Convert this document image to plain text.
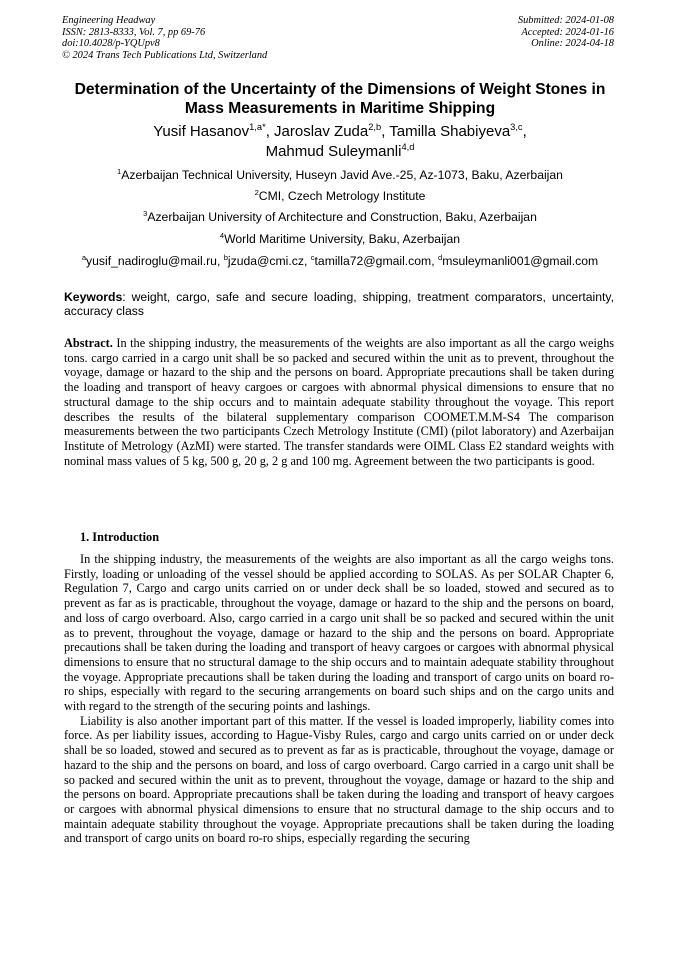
Engineering Headway
ISSN: 2813-8333, Vol. 7, pp 69-76
doi:10.4028/p-YQUpv8
© 2024 Trans Tech Publications Ltd, Switzerland
Submitted: 2024-01-08
Accepted: 2024-01-16
Online: 2024-04-18
Determination of the Uncertainty of the Dimensions of Weight Stones in Mass Measurements in Maritime Shipping
Yusif Hasanov$^{1,a*}$, Jaroslav Zuda$^{2,b}$, Tamilla Shabiyeva$^{3,c}$,
Mahmud Suleymanli$^{4,d}$
$^1$Azerbaijan Technical University, Huseyn Javid Ave.-25, Az-1073, Baku, Azerbaijan
$^2$CMI, Czech Metrology Institute
$^3$Azerbaijan University of Architecture and Construction, Baku, Azerbaijan
$^4$World Maritime University, Baku, Azerbaijan
$^a$yusif_nadiroglu@mail.ru, $^b$jzuda@cmi.cz, $^c$tamilla72@gmail.com, $^d$msuleymanli001@gmail.com
Keywords: weight, cargo, safe and secure loading, shipping, treatment comparators, uncertainty, accuracy class
Abstract. In the shipping industry, the measurements of the weights are also important as all the cargo weighs tons. cargo carried in a cargo unit shall be so packed and secured within the unit as to prevent, throughout the voyage, damage or hazard to the ship and the persons on board. Appropriate precautions shall be taken during the loading and transport of heavy cargoes or cargoes with abnormal physical dimensions to ensure that no structural damage to the ship occurs and to maintain adequate stability throughout the voyage. This report describes the results of the bilateral supplementary comparison COOMET.M.M-S4 The comparison measurements between the two participants Czech Metrology Institute (CMI) (pilot laboratory) and Azerbaijan Institute of Metrology (AzMI) were started. The transfer standards were OIML Class E2 standard weights with nominal mass values of 5 kg, 500 g, 20 g, 2 g and 100 mg. Agreement between the two participants is good.
1. Introduction

In the shipping industry, the measurements of the weights are also important as all the cargo weighs tons. Firstly, loading or unloading of the vessel should be applied according to SOLAS. As per SOLAR Chapter 6, Regulation 7, Cargo and cargo units carried on or under deck shall be so loaded, stowed and secured as to prevent as far as is practicable, throughout the voyage, damage or hazard to the ship and the persons on board, and loss of cargo overboard. Also, cargo carried in a cargo unit shall be so packed and secured within the unit as to prevent, throughout the voyage, damage or hazard to the ship and the persons on board. Appropriate precautions shall be taken during the loading and transport of heavy cargoes or cargoes with abnormal physical dimensions to ensure that no structural damage to the ship occurs and to maintain adequate stability throughout the voyage. Appropriate precautions shall be taken during the loading and transport of cargo units on board ro-ro ships, especially with regard to the securing arrangements on board such ships and on the cargo units and with regard to the strength of the securing points and lashings.

Liability is also another important part of this matter. If the vessel is loaded improperly, liability comes into force. As per liability issues, according to Hague-Visby Rules, cargo and cargo units carried on or under deck shall be so loaded, stowed and secured as to prevent as far as is practicable, throughout the voyage, damage or hazard to the ship and the persons on board, and loss of cargo overboard. Cargo carried in a cargo unit shall be so packed and secured within the unit as to prevent, throughout the voyage, damage or hazard to the ship and the persons on board. Appropriate precautions shall be taken during the loading and transport of heavy cargoes or cargoes with abnormal physical dimensions to ensure that no structural damage to the ship occurs and to maintain adequate stability throughout the voyage. Appropriate precautions shall be taken during the loading and transport of cargo units on board ro-ro ships, especially regarding the securing
